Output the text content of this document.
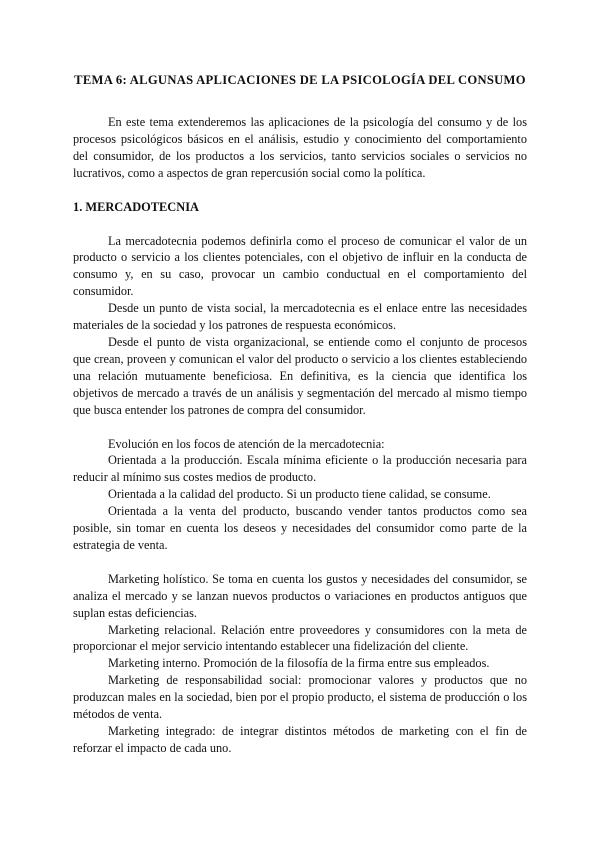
TEMA 6: ALGUNAS APLICACIONES DE LA PSICOLOGÍA DEL CONSUMO

En este tema extenderemos las aplicaciones de la psicología del consumo y de los procesos psicológicos básicos en el análisis, estudio y conocimiento del comportamiento del consumidor, de los productos a los servicios, tanto servicios sociales o servicios no lucrativos, como a aspectos de gran repercusión social como la política.

1. MERCADOTECNIA

La mercadotecnia podemos definirla como el proceso de comunicar el valor de un producto o servicio a los clientes potenciales, con el objetivo de influir en la conducta de consumo y, en su caso, provocar un cambio conductual en el comportamiento del consumidor.

Desde un punto de vista social, la mercadotecnia es el enlace entre las necesidades materiales de la sociedad y los patrones de respuesta económicos.

Desde el punto de vista organizacional, se entiende como el conjunto de procesos que crean, proveen y comunican el valor del producto o servicio a los clientes estableciendo una relación mutuamente beneficiosa. En definitiva, es la ciencia que identifica los objetivos de mercado a través de un análisis y segmentación del mercado al mismo tiempo que busca entender los patrones de compra del consumidor.

Evolución en los focos de atención de la mercadotecnia:

Orientada a la producción. Escala mínima eficiente o la producción necesaria para reducir al mínimo sus costes medios de producto.

Orientada a la calidad del producto. Si un producto tiene calidad, se consume.

Orientada a la venta del producto, buscando vender tantos productos como sea posible, sin tomar en cuenta los deseos y necesidades del consumidor como parte de la estrategia de venta.

Marketing holístico. Se toma en cuenta los gustos y necesidades del consumidor, se analiza el mercado y se lanzan nuevos productos o variaciones en productos antiguos que suplan estas deficiencias.

Marketing relacional. Relación entre proveedores y consumidores con la meta de proporcionar el mejor servicio intentando establecer una fidelización del cliente.

Marketing interno. Promoción de la filosofía de la firma entre sus empleados.

Marketing de responsabilidad social: promocionar valores y productos que no produzcan males en la sociedad, bien por el propio producto, el sistema de producción o los métodos de venta.

Marketing integrado: de integrar distintos métodos de marketing con el fin de reforzar el impacto de cada uno.
